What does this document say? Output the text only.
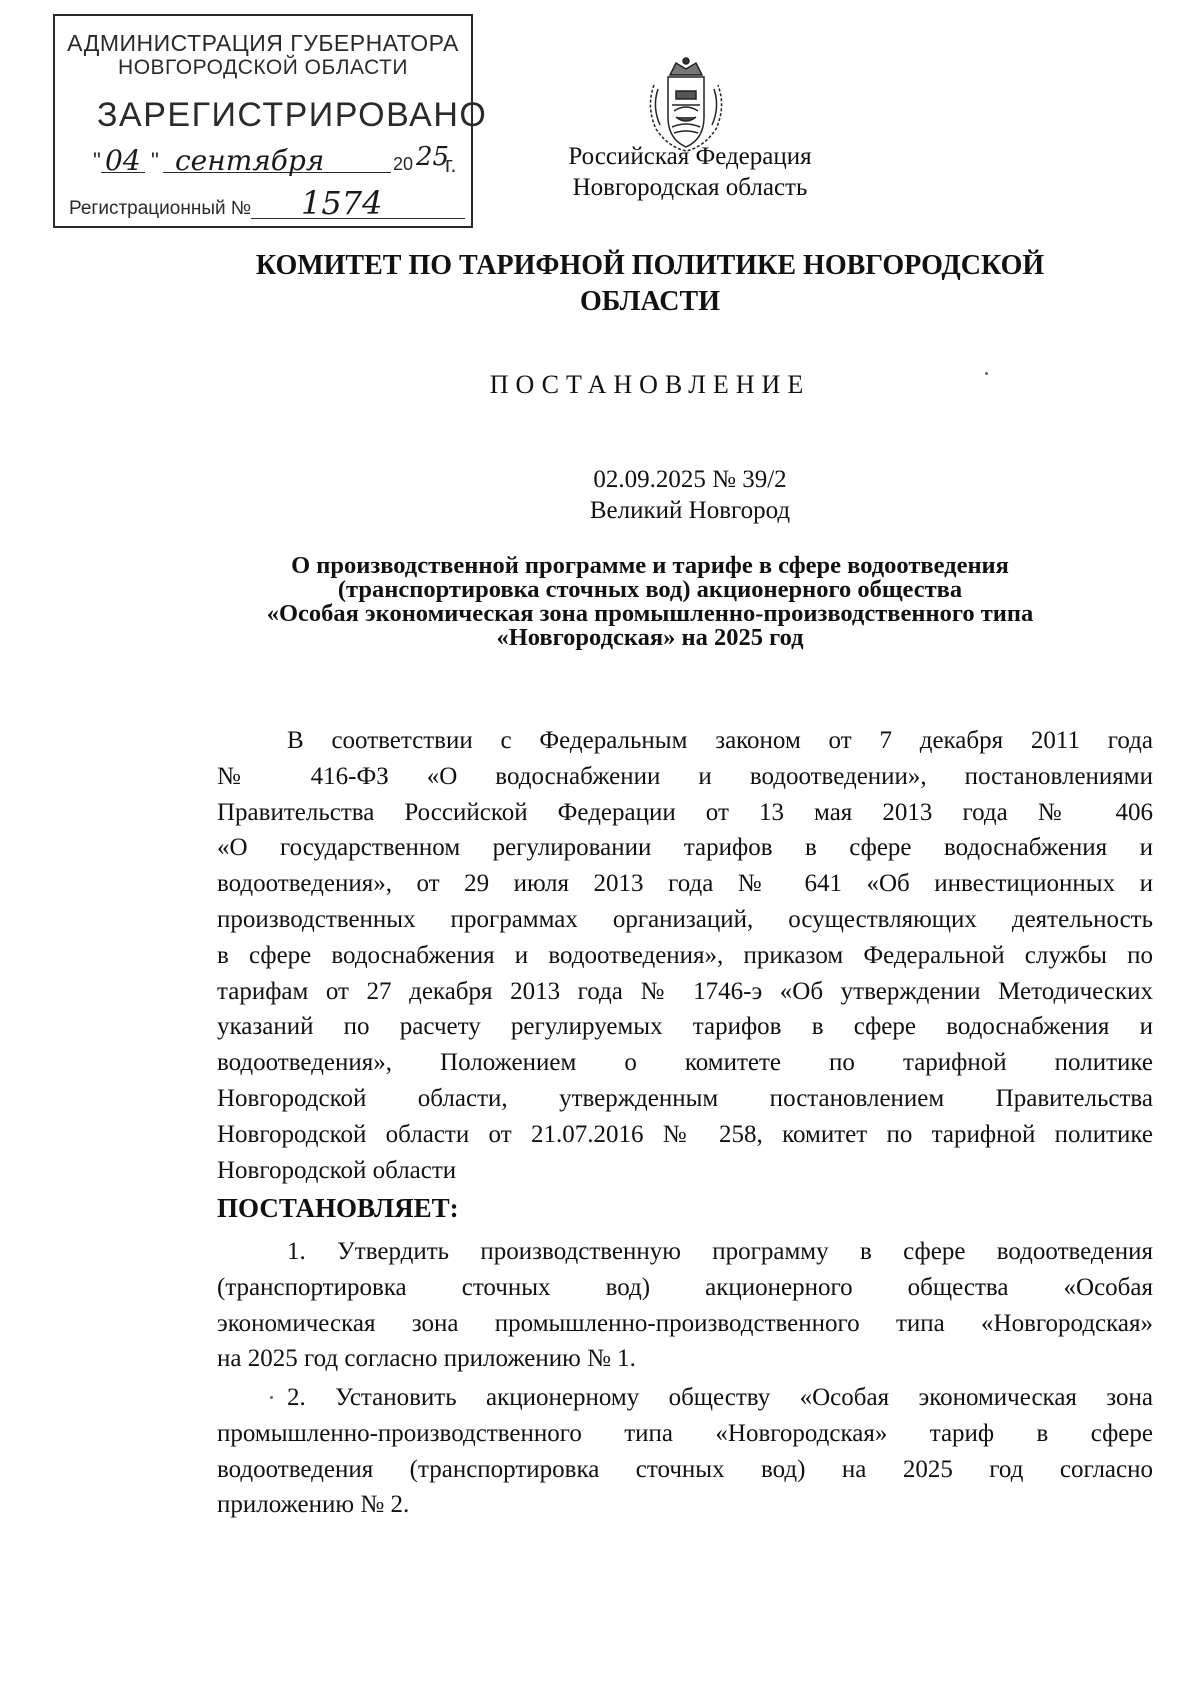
АДМИНИСТРАЦИЯ ГУБЕРНАТОРА
НОВГОРОДСКОЙ ОБЛАСТИ
ЗАРЕГИСТРИРОВАНО
" 04 " сентября	20 25
г.
Регистрационный № 1574
Российская Федерация
Новгородская область
КОМИТЕТ ПО ТАРИФНОЙ ПОЛИТИКЕ НОВГОРОДСКОЙ
ОБЛАСТИ
ПОСТАНОВЛЕНИЕ
02.09.2025 № 39/2
Великий Новгород
О производственной программе и тарифе в сфере водоотведения
(транспортировка сточных вод) акционерного общества
«Особая экономическая зона промышленно-производственного типа
«Новгородская» на 2025 год
В соответствии с Федеральным законом от 7 декабря 2011 года
№ 416-ФЗ «О водоснабжении и водоотведении», постановлениями
Правительства Российской Федерации от 13 мая 2013 года № 406
«О государственном регулировании тарифов в сфере водоснабжения и
водоотведения», от 29 июля 2013 года № 641 «Об инвестиционных и
производственных программах организаций, осуществляющих деятельность
в сфере водоснабжения и водоотведения», приказом Федеральной службы по
тарифам от 27 декабря 2013 года № 1746-э «Об утверждении Методических
указаний по расчету регулируемых тарифов в сфере водоснабжения и
водоотведения», Положением о комитете по тарифной политике
Новгородской области, утвержденным постановлением Правительства
Новгородской области от 21.07.2016 № 258, комитет по тарифной политике
Новгородской области
ПОСТАНОВЛЯЕТ:
1. Утвердить производственную программу в сфере водоотведения
(транспортировка сточных вод) акционерного общества «Особая
экономическая зона промышленно-производственного типа «Новгородская»
на 2025 год согласно приложению № 1.
2. Установить акционерному обществу «Особая экономическая зона
промышленно-производственного типа «Новгородская» тариф в сфере
водоотведения (транспортировка сточных вод) на 2025 год согласно
приложению № 2.
